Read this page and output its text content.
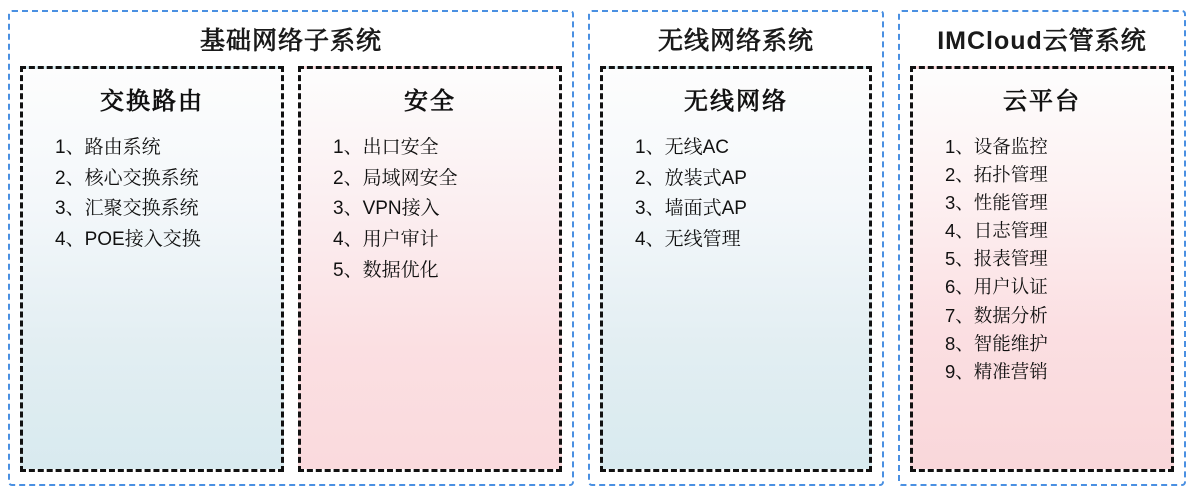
基础网络子系统
交换路由
1、路由系统
2、核心交换系统
3、汇聚交换系统
4、POE接入交换
安全
1、出口安全
2、局域网安全
3、VPN接入
4、用户审计
5、数据优化
无线网络系统
无线网络
1、无线AC
2、放装式AP
3、墙面式AP
4、无线管理
IMCloud云管系统
云平台
1、设备监控
2、拓扑管理
3、性能管理
4、日志管理
5、报表管理
6、用户认证
7、数据分析
8、智能维护
9、精准营销
